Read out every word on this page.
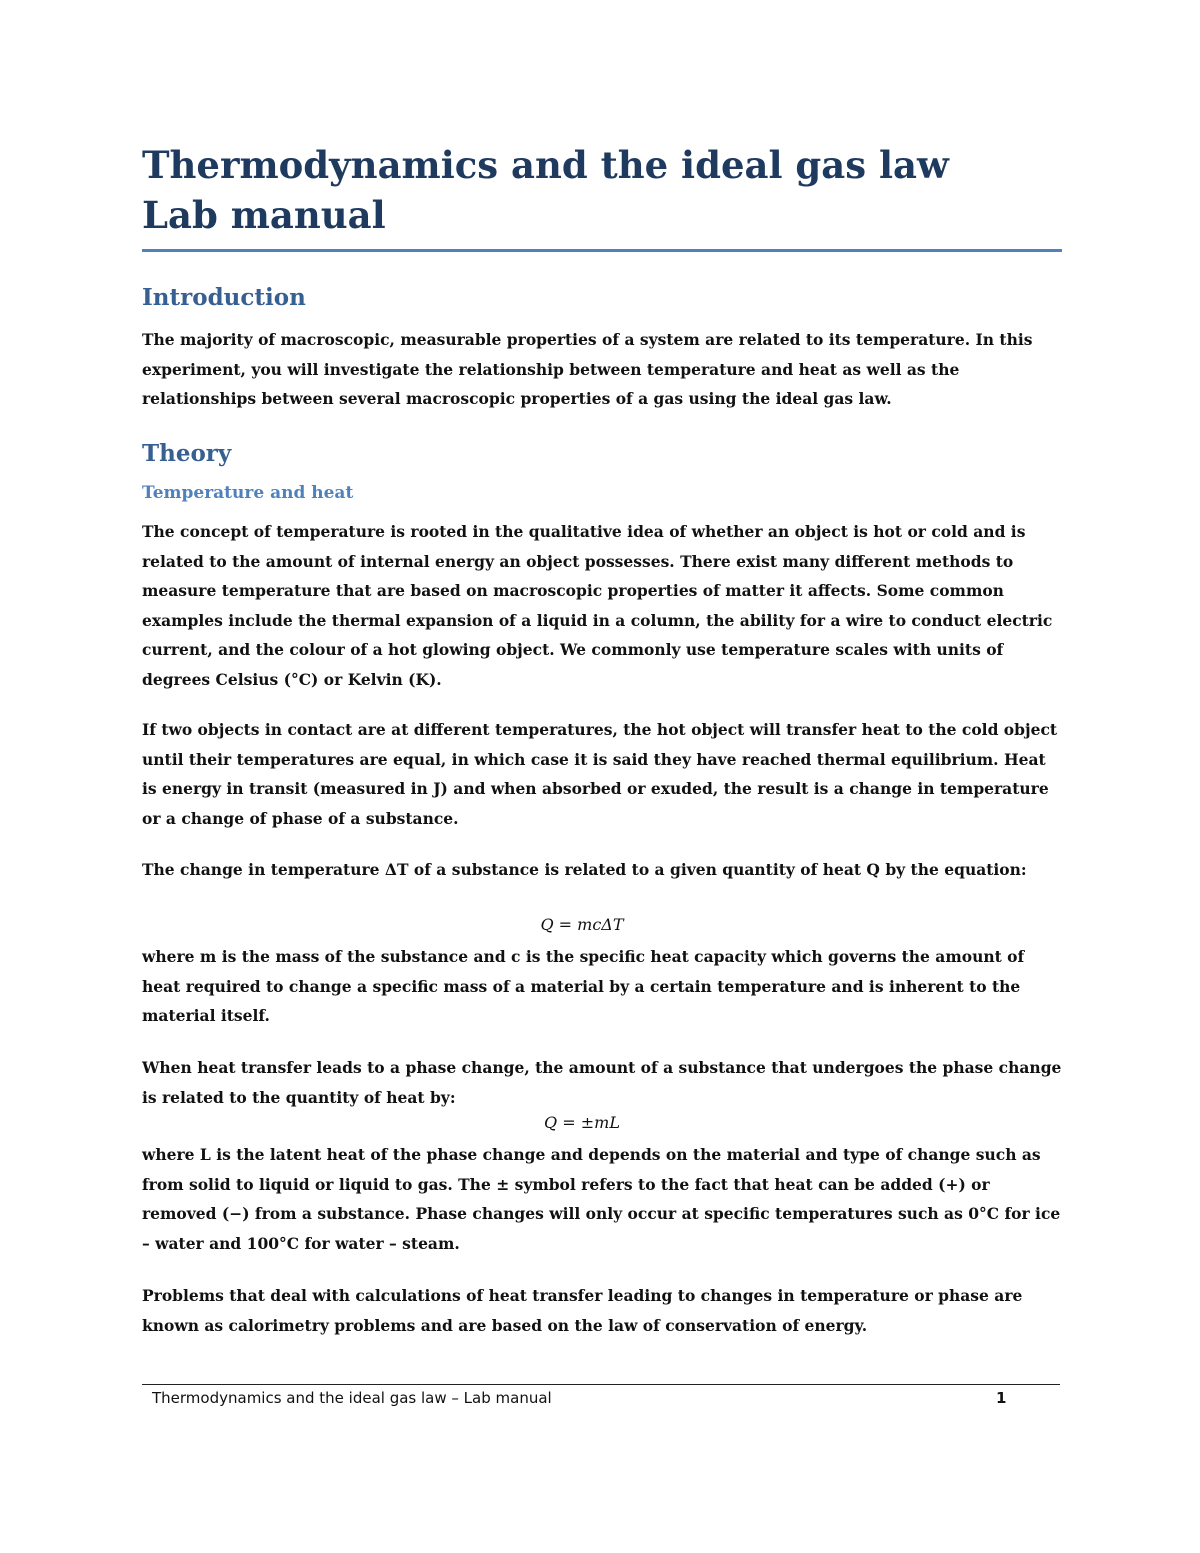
Thermodynamics and the ideal gas law
Lab manual
Introduction

The majority of macroscopic, measurable properties of a system are related to its temperature. In this experiment, you will investigate the relationship between temperature and heat as well as the relationships between several macroscopic properties of a gas using the ideal gas law.

Theory
Temperature and heat

The concept of temperature is rooted in the qualitative idea of whether an object is hot or cold and is related to the amount of internal energy an object possesses. There exist many different methods to measure temperature that are based on macroscopic properties of matter it affects. Some common examples include the thermal expansion of a liquid in a column, the ability for a wire to conduct electric current, and the colour of a hot glowing object. We commonly use temperature scales with units of degrees Celsius (°C) or Kelvin (K).

If two objects in contact are at different temperatures, the hot object will transfer heat to the cold object until their temperatures are equal, in which case it is said they have reached thermal equilibrium. Heat is energy in transit (measured in J) and when absorbed or exuded, the result is a change in temperature or a change of phase of a substance.

The change in temperature ΔT of a substance is related to a given quantity of heat Q by the equation:

Q = mcΔT

where m is the mass of the substance and c is the specific heat capacity which governs the amount of heat required to change a specific mass of a material by a certain temperature and is inherent to the material itself.

When heat transfer leads to a phase change, the amount of a substance that undergoes the phase change is related to the quantity of heat by:

Q = ±mL

where L is the latent heat of the phase change and depends on the material and type of change such as from solid to liquid or liquid to gas. The ± symbol refers to the fact that heat can be added (+) or removed (−) from a substance. Phase changes will only occur at specific temperatures such as 0°C for ice – water and 100°C for water – steam.

Problems that deal with calculations of heat transfer leading to changes in temperature or phase are known as calorimetry problems and are based on the law of conservation of energy.

Thermodynamics and the ideal gas law – Lab manual	1
